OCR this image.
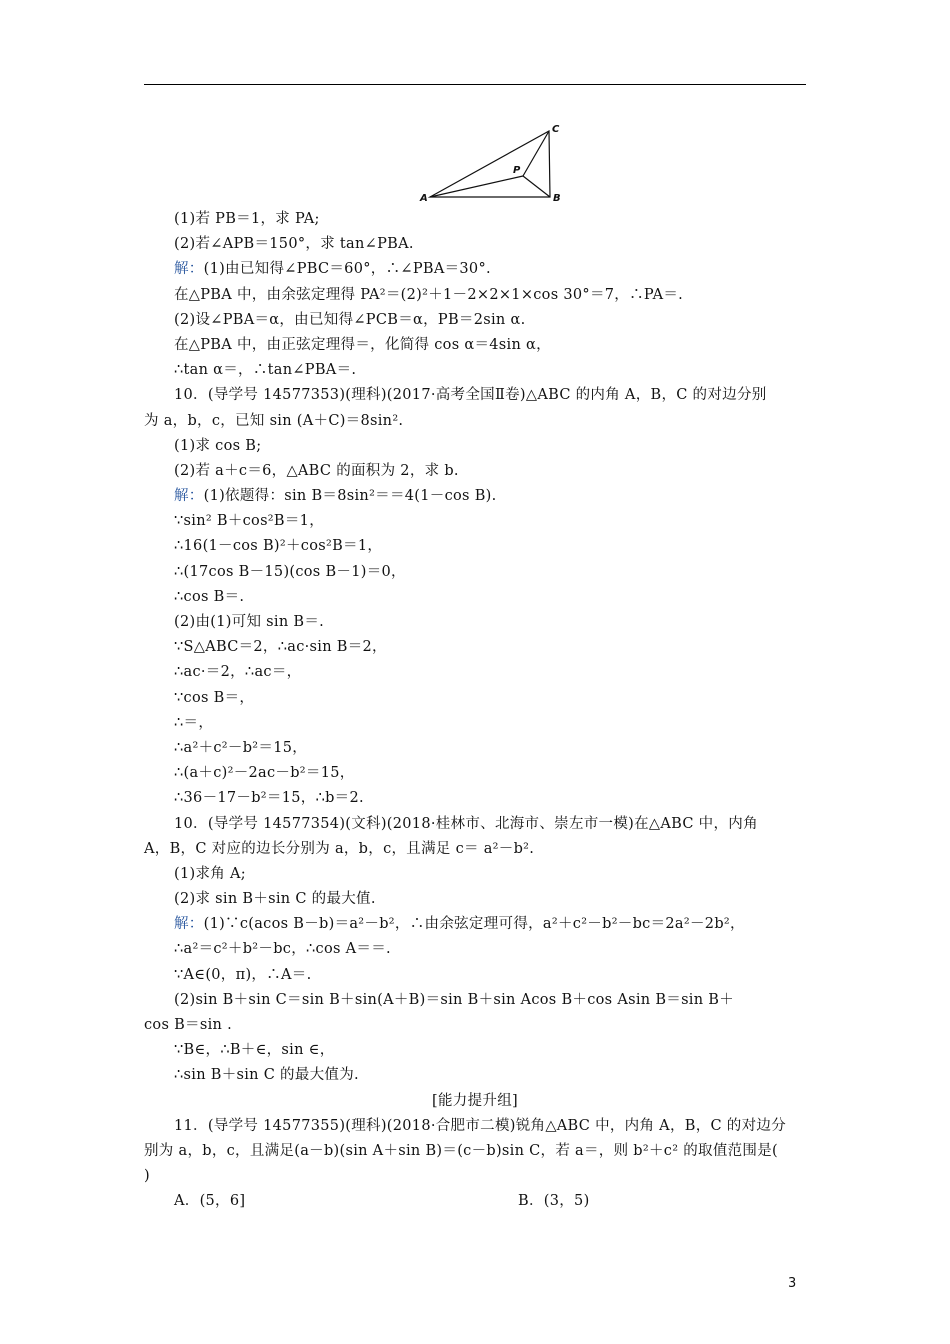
A	B
C
P
(1)若 PB＝1，求 PA;
(2)若∠APB＝150°，求 tan∠PBA.
解：(1)由已知得∠PBC＝60°，∴∠PBA＝30°.
在△PBA 中，由余弦定理得 PA²＝(2)²＋1－2×2×1×cos 30°＝7，∴PA＝.
(2)设∠PBA＝α，由已知得∠PCB＝α，PB＝2sin α.
在△PBA 中，由正弦定理得＝，化简得 cos α＝4sin α，
∴tan α＝，∴tan∠PBA＝.
10．(导学号 14577353)(理科)(2017·高考全国Ⅱ卷)△ABC 的内角 A，B，C 的对边分别
为 a，b，c，已知 sin (A＋C)＝8sin².
(1)求 cos B;
(2)若 a＋c＝6，△ABC 的面积为 2，求 b.
解：(1)依题得：sin B＝8sin²＝＝4(1－cos B).
∵sin² B＋cos²B＝1，
∴16(1－cos B)²＋cos²B＝1，
∴(17cos B－15)(cos B－1)＝0，
∴cos B＝.
(2)由(1)可知 sin B＝.
∵S△ABC＝2，∴ac·sin B＝2，
∴ac·＝2，∴ac＝，
∵cos B＝，
∴＝，
∴a²＋c²－b²＝15，
∴(a＋c)²－2ac－b²＝15，
∴36－17－b²＝15，∴b＝2.
10．(导学号 14577354)(文科)(2018·桂林市、北海市、崇左市一模)在△ABC 中，内角
A，B，C 对应的边长分别为 a，b，c，且满足 c＝ a²－b².
(1)求角 A;
(2)求 sin B＋sin C 的最大值.
解：(1)∵c(acos B－b)＝a²－b²，∴由余弦定理可得，a²＋c²－b²－bc＝2a²－2b²，
∴a²＝c²＋b²－bc，∴cos A＝＝.
∵A∈(0，π)，∴A＝.
(2)sin B＋sin C＝sin B＋sin(A＋B)＝sin B＋sin Acos B＋cos Asin B＝sin B＋
cos B＝sin .
∵B∈，∴B＋∈，sin ∈，
∴sin B＋sin C 的最大值为.
[能力提升组]
11．(导学号 14577355)(理科)(2018·合肥市二模)锐角△ABC 中，内角 A，B，C 的对边分
别为 a，b，c，且满足(a－b)(sin A＋sin B)＝(c－b)sin C，若 a＝，则 b²＋c² 的取值范围是(
)
A．(5，6]	B．(3，5)
3
